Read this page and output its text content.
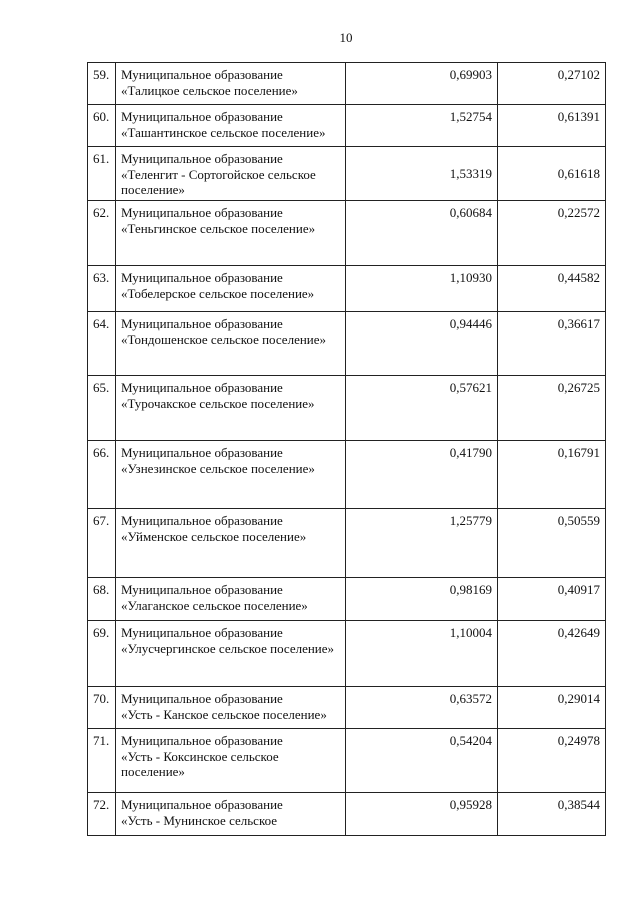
10
59.	Муниципальное образование
«Талицкое сельское поселение»	0,69903	0,27102
60.	Муниципальное образование
«Ташантинское сельское поселение»	1,52754	0,61391
61.	Муниципальное образование
«Теленгит - Сортогойское сельское
поселение»	1,53319	0,61618
62.	Муниципальное образование
«Теньгинское сельское поселение»	0,60684	0,22572
63.	Муниципальное образование
«Тобелерское сельское поселение»	1,10930	0,44582
64.	Муниципальное образование
«Тондошенское сельское поселение»	0,94446	0,36617
65.	Муниципальное образование
«Турочакское сельское поселение»	0,57621	0,26725
66.	Муниципальное образование
«Узнезинское сельское поселение»	0,41790	0,16791
67.	Муниципальное образование
«Уйменское сельское поселение»	1,25779	0,50559
68.	Муниципальное образование
«Улаганское сельское поселение»	0,98169	0,40917
69.	Муниципальное образование
«Улусчергинское сельское поселение»	1,10004	0,42649
70.	Муниципальное образование
«Усть - Канское сельское поселение»	0,63572	0,29014
71.	Муниципальное образование
«Усть - Коксинское сельское
поселение»	0,54204	0,24978
72.	Муниципальное образование
«Усть - Мунинское сельское	0,95928	0,38544
